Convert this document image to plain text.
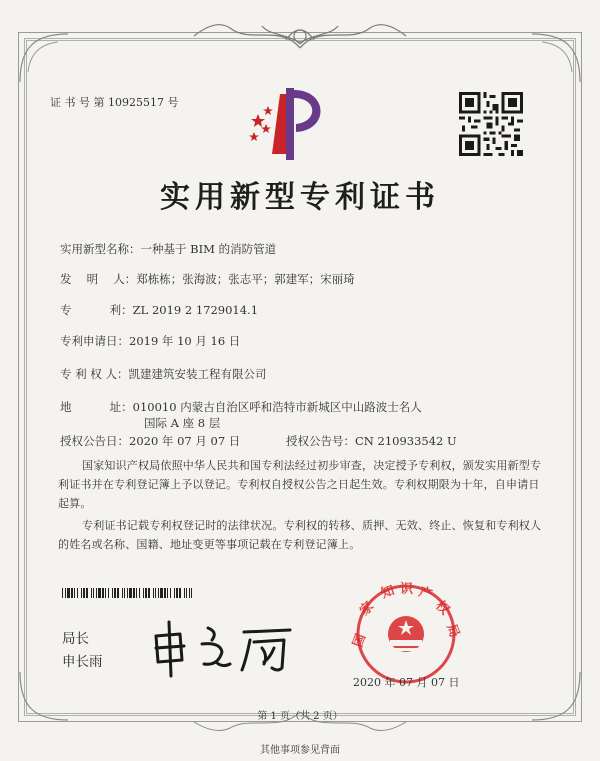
证 书 号 第 10925517 号
实用新型专利证书
实用新型名称：一种基于 BIM 的消防管道
发　 明　 人：郑栋栋；张海波；张志平；郭建军；宋丽琦
专　　　 利：ZL 2019 2 1729014.1
专利申请日：2019 年 10 月 16 日
专 利 权 人：凯建建筑安装工程有限公司
地　　　 址：010010 内蒙古自治区呼和浩特市新城区中山路波士名人
国际 A 座 8 层
授权公告日：2020 年 07 月 07 日	授权公告号：CN 210933542 U
国家知识产权局依照中华人民共和国专利法经过初步审查，决定授予专利权，颁发实用新型专利证书并在专利登记簿上予以登记。专利权自授权公告之日起生效。专利权期限为十年，自申请日起算。
专利证书记载专利权登记时的法律状况。专利权的转移、质押、无效、终止、恢复和专利权人的姓名或名称、国籍、地址变更等事项记载在专利登记簿上。
局长
申长雨
国
家
知 识 产
权
局
2020 年 07 月 07 日
第 1 页（共 2 页）
其他事项参见背面
